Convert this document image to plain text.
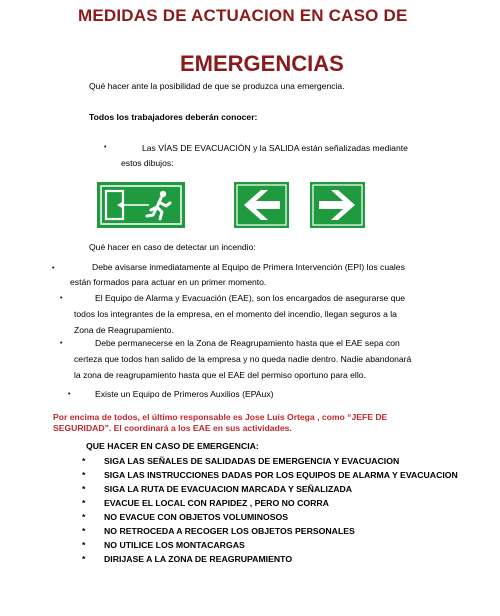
MEDIDAS DE ACTUACION EN CASO DE
EMERGENCIAS
Qué hacer ante la posibilidad de que se produzca una emergencia.
Todos los trabajadores deberán conocer:
•	Las VÍAS DE EVACUACIÓN y la SALIDA están señalizadas mediante
estos dibujos:
Qué hacer en caso de detectar un incendio:
•	Debe avisarse inmediatamente al Equipo de Primera Intervención (EPI) los cuales
están formados para actuar en un primer momento.
•	El Equipo de Alarma y Evacuación (EAE), son los encargados de asegurarse que
todos los integrantes de la empresa, en el momento del incendio, llegan seguros a la
Zona de Reagrupamiento.
•	Debe permanecerse en la Zona de Reagrupamiento hasta que el EAE sepa con
certeza que todos han salido de la empresa y no queda nadie dentro. Nadie abandonará
la zona de reagrupamiento hasta que el EAE del permiso oportuno para ello.
•	Existe un Equipo de Primeros Auxilios (EPAux)
Por encima de todos, el último responsable es Jose Luis Ortega , como “JEFE DE
SEGURIDAD”. El coordinará a los EAE en sus actividades.
QUE HACER EN CASO DE EMERGENCIA:
* SIGA LAS SEÑALES DE SALIDADAS DE EMERGENCIA Y EVACUACION
* SIGA LAS INSTRUCCIONES DADAS POR LOS EQUIPOS DE ALARMA Y EVACUACION
* SIGA LA RUTA DE EVACUACION MARCADA Y SEÑALIZADA
* EVACUE EL LOCAL CON RAPIDEZ , PERO NO CORRA
* NO EVACUE CON OBJETOS VOLUMINOSOS
* NO RETROCEDA A RECOGER LOS OBJETOS PERSONALES
* NO UTILICE LOS MONTACARGAS
* DIRIJASE A LA ZONA DE REAGRUPAMIENTO
